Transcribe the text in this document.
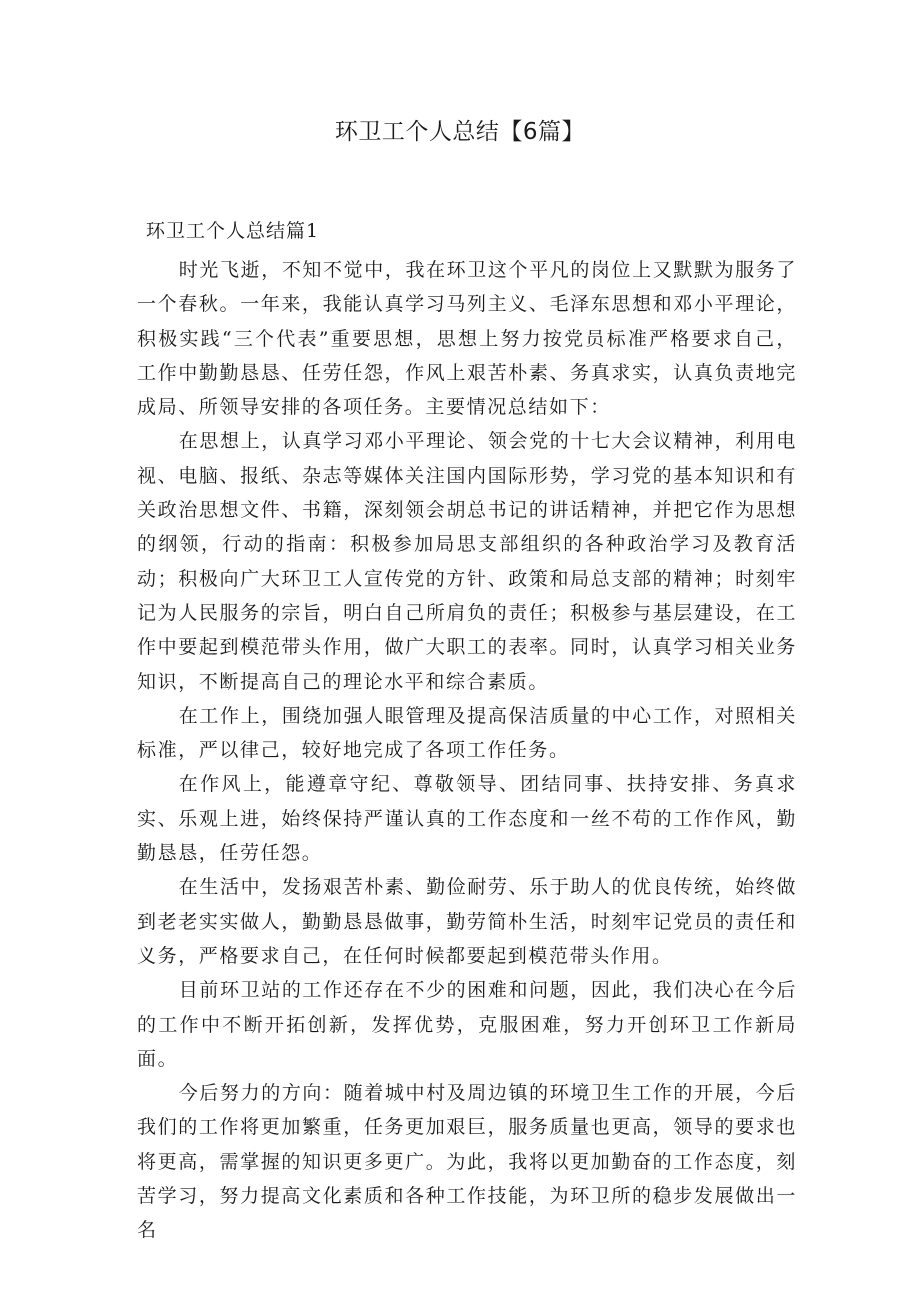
环卫工个人总结【6篇】
环卫工个人总结篇1

时光飞逝，不知不觉中，我在环卫这个平凡的岗位上又默默为服务了一个春秋。一年来，我能认真学习马列主义、毛泽东思想和邓小平理论，积极实践“三个代表”重要思想，思想上努力按党员标准严格要求自己，工作中勤勤恳恳、任劳任怨，作风上艰苦朴素、务真求实，认真负责地完成局、所领导安排的各项任务。主要情况总结如下：

在思想上，认真学习邓小平理论、领会党的十七大会议精神，利用电视、电脑、报纸、杂志等媒体关注国内国际形势，学习党的基本知识和有关政治思想文件、书籍，深刻领会胡总书记的讲话精神，并把它作为思想的纲领，行动的指南：积极参加局思支部组织的各种政治学习及教育活动；积极向广大环卫工人宣传党的方针、政策和局总支部的精神；时刻牢记为人民服务的宗旨，明白自己所肩负的责任；积极参与基层建设，在工作中要起到模范带头作用，做广大职工的表率。同时，认真学习相关业务知识，不断提高自己的理论水平和综合素质。

在工作上，围绕加强人眼管理及提高保洁质量的中心工作，对照相关标准，严以律己，较好地完成了各项工作任务。

在作风上，能遵章守纪、尊敬领导、团结同事、扶持安排、务真求实、乐观上进，始终保持严谨认真的工作态度和一丝不苟的工作作风，勤勤恳恳，任劳任怨。

在生活中，发扬艰苦朴素、勤俭耐劳、乐于助人的优良传统，始终做到老老实实做人，勤勤恳恳做事，勤劳简朴生活，时刻牢记党员的责任和义务，严格要求自己，在任何时候都要起到模范带头作用。

目前环卫站的工作还存在不少的困难和问题，因此，我们决心在今后的工作中不断开拓创新，发挥优势，克服困难，努力开创环卫工作新局面。

今后努力的方向：随着城中村及周边镇的环境卫生工作的开展，今后我们的工作将更加繁重，任务更加艰巨，服务质量也更高，领导的要求也将更高，需掌握的知识更多更广。为此，我将以更加勤奋的工作态度，刻苦学习，努力提高文化素质和各种工作技能，为环卫所的稳步发展做出一名
